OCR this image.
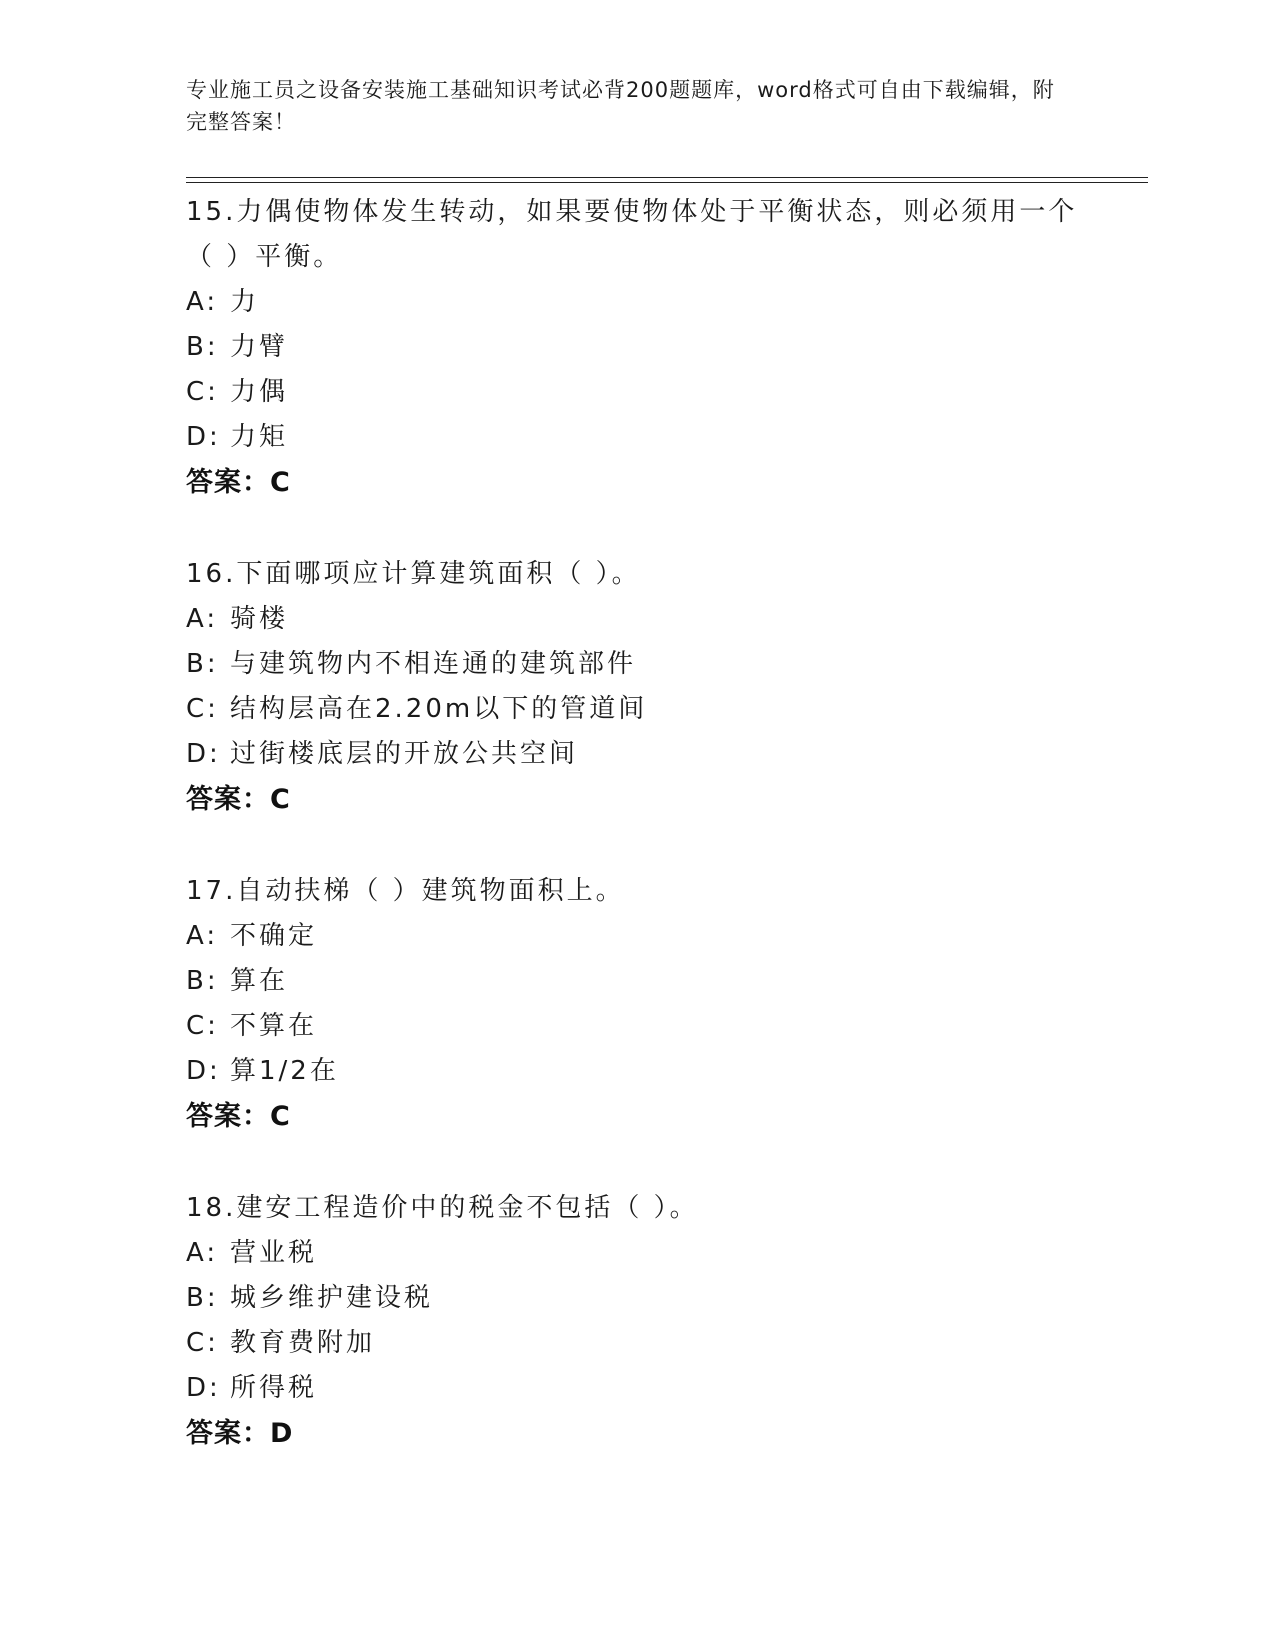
专业施工员之设备安装施工基础知识考试必背200题题库，word格式可自由下载编辑，附完整答案！
15.力偶使物体发生转动，如果要使物体处于平衡状态，则必须用一个（ ）平衡。
A: 力
B: 力臂
C: 力偶
D: 力矩
答案：C
16.下面哪项应计算建筑面积（ ）。
A: 骑楼
B: 与建筑物内不相连通的建筑部件
C: 结构层高在2.20m以下的管道间
D: 过街楼底层的开放公共空间
答案：C
17.自动扶梯（ ）建筑物面积上。
A: 不确定
B: 算在
C: 不算在
D: 算1/2在
答案：C
18.建安工程造价中的税金不包括（ ）。
A: 营业税
B: 城乡维护建设税
C: 教育费附加
D: 所得税
答案：D
